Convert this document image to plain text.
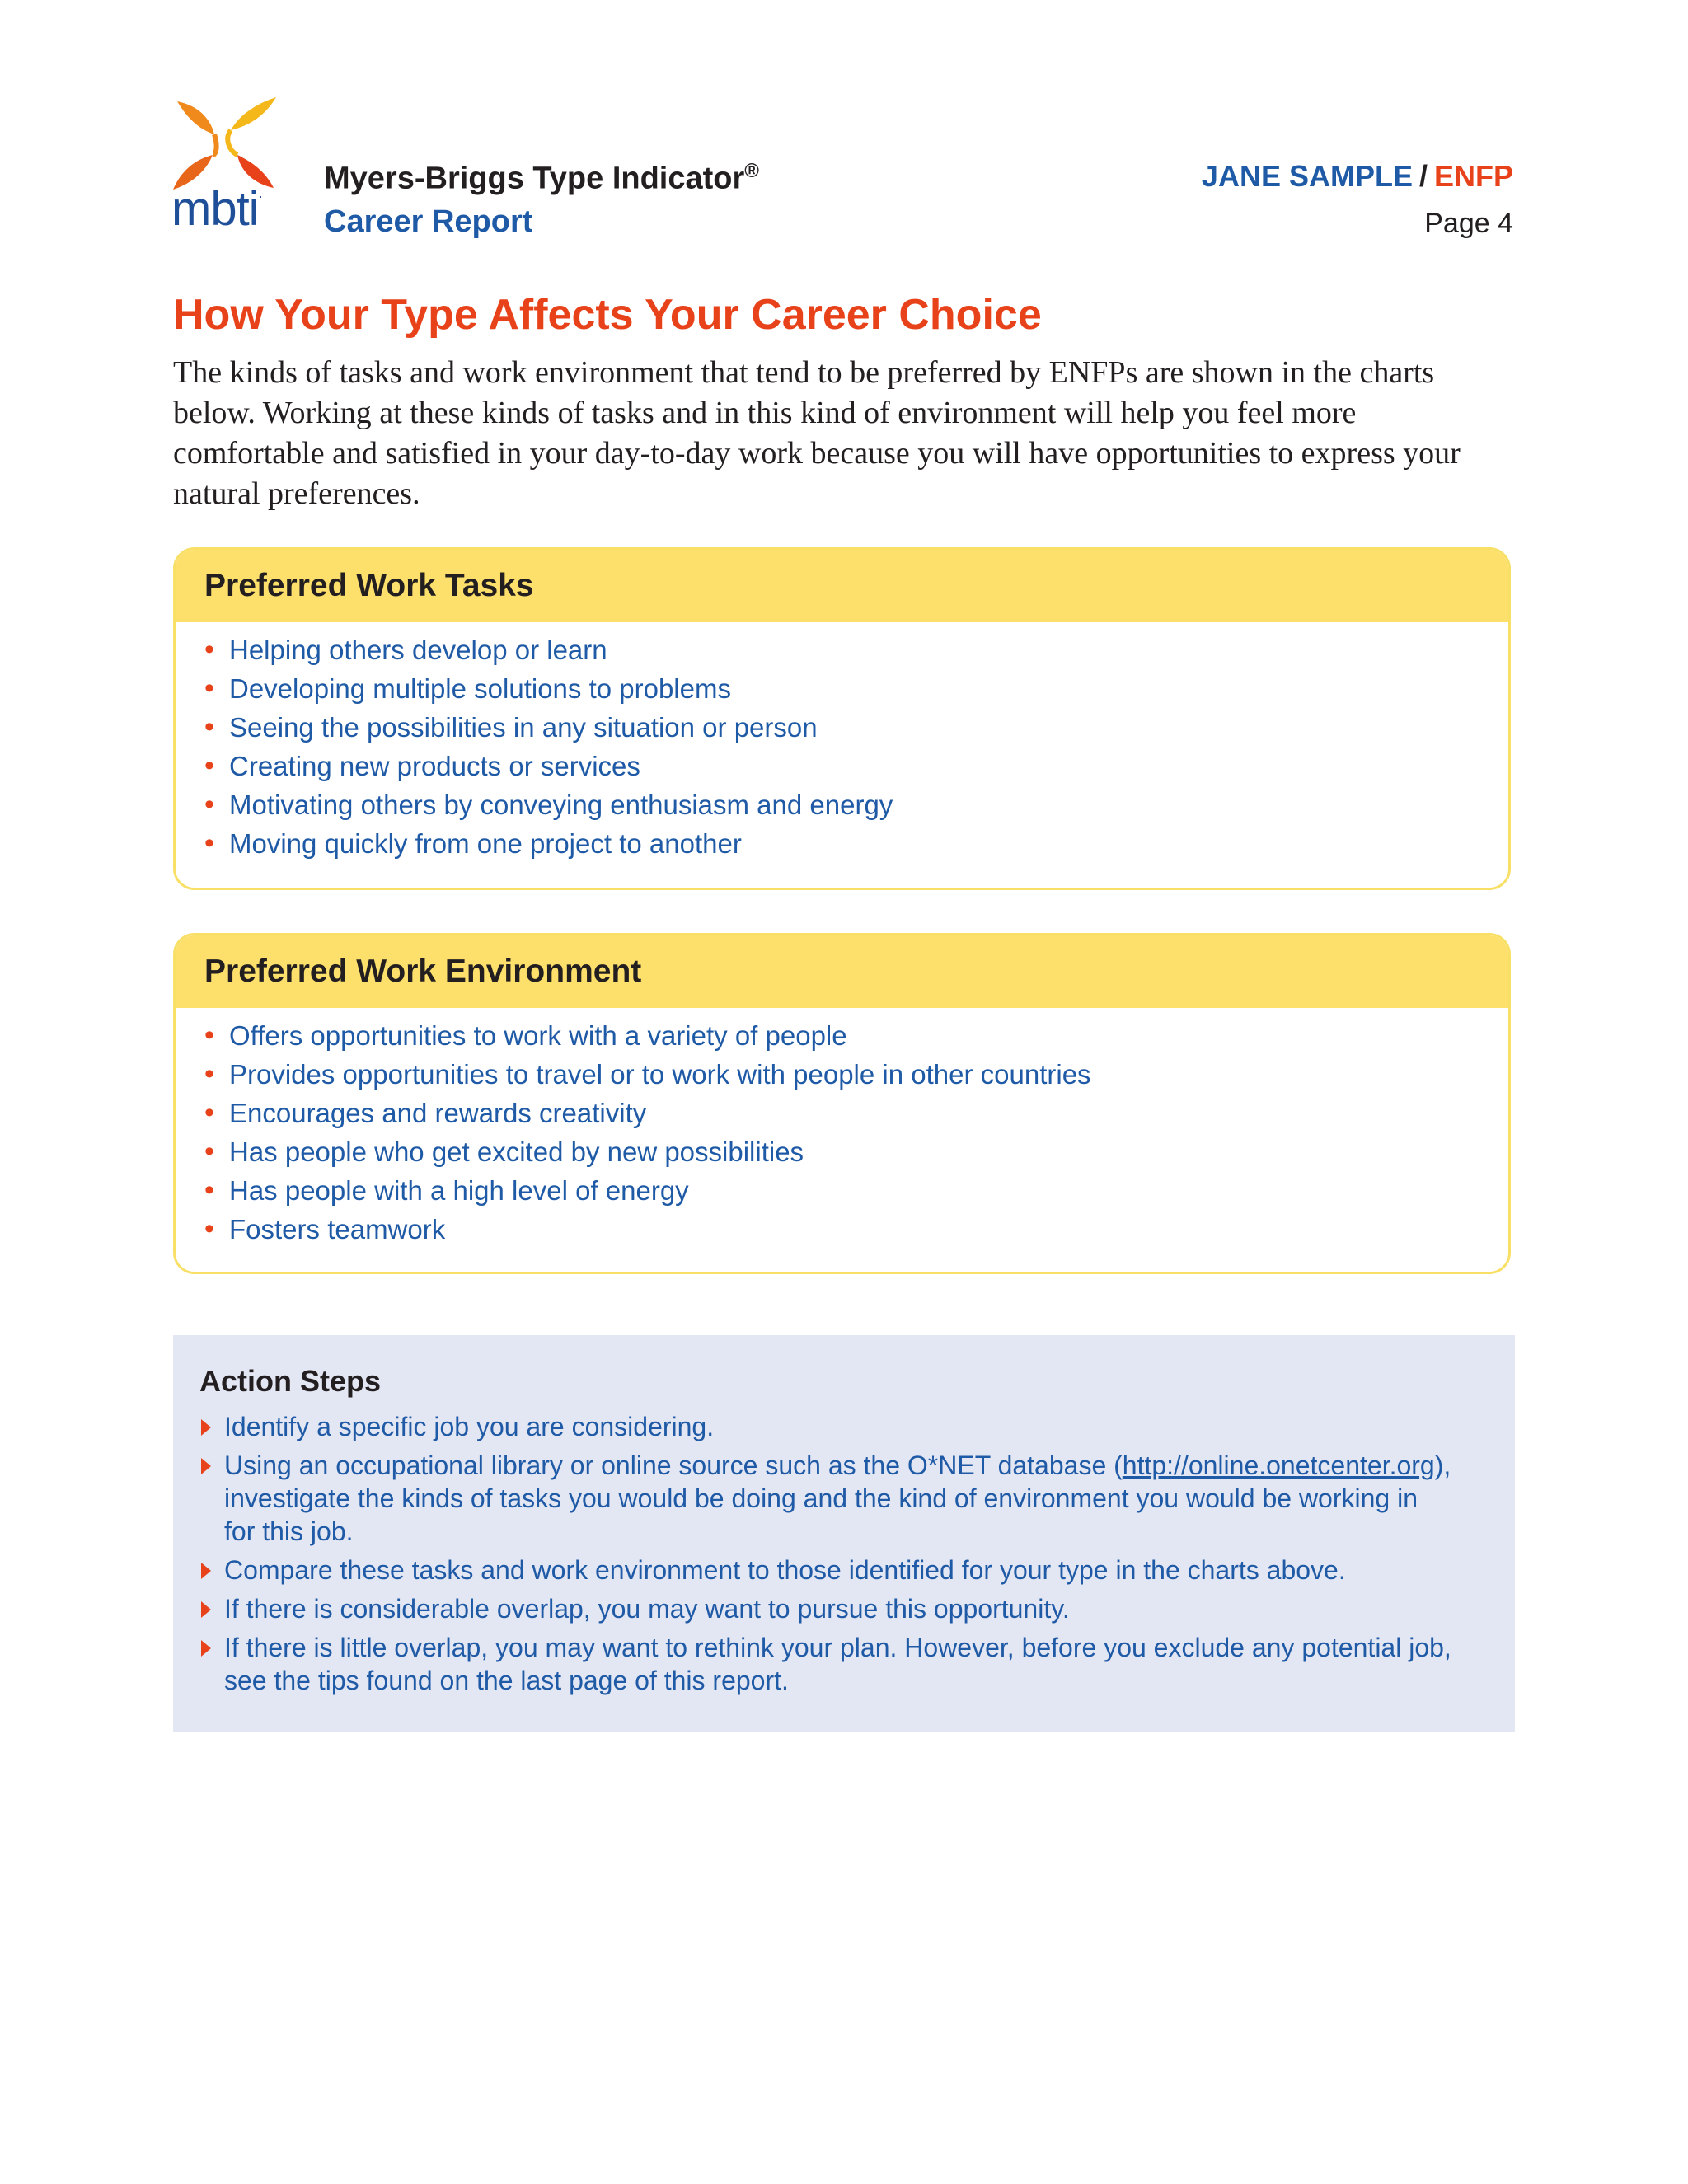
mbti. Myers-Briggs Type Indicator®
Career Report
JANE SAMPLE / ENFP
Page 4
How Your Type Affects Your Career Choice

The kinds of tasks and work environment that tend to be preferred by ENFPs are shown in the charts below. Working at these kinds of tasks and in this kind of environment will help you feel more comfortable and satisfied in your day-to-day work because you will have opportunities to express your natural preferences.

Preferred Work Tasks
• Helping others develop or learn
• Developing multiple solutions to problems
• Seeing the possibilities in any situation or person
• Creating new products or services
• Motivating others by conveying enthusiasm and energy
• Moving quickly from one project to another
Preferred Work Environment
• Offers opportunities to work with a variety of people
• Provides opportunities to travel or to work with people in other countries
• Encourages and rewards creativity
• Has people who get excited by new possibilities
• Has people with a high level of energy
• Fosters teamwork
Action Steps
Identify a specific job you are considering.
Using an occupational library or online source such as the O*NET database (http://online.onetcenter.org), investigate the kinds of tasks you would be doing and the kind of environment you would be working in for this job.
Compare these tasks and work environment to those identified for your type in the charts above.
If there is considerable overlap, you may want to pursue this opportunity.
If there is little overlap, you may want to rethink your plan. However, before you exclude any potential job, see the tips found on the last page of this report.
